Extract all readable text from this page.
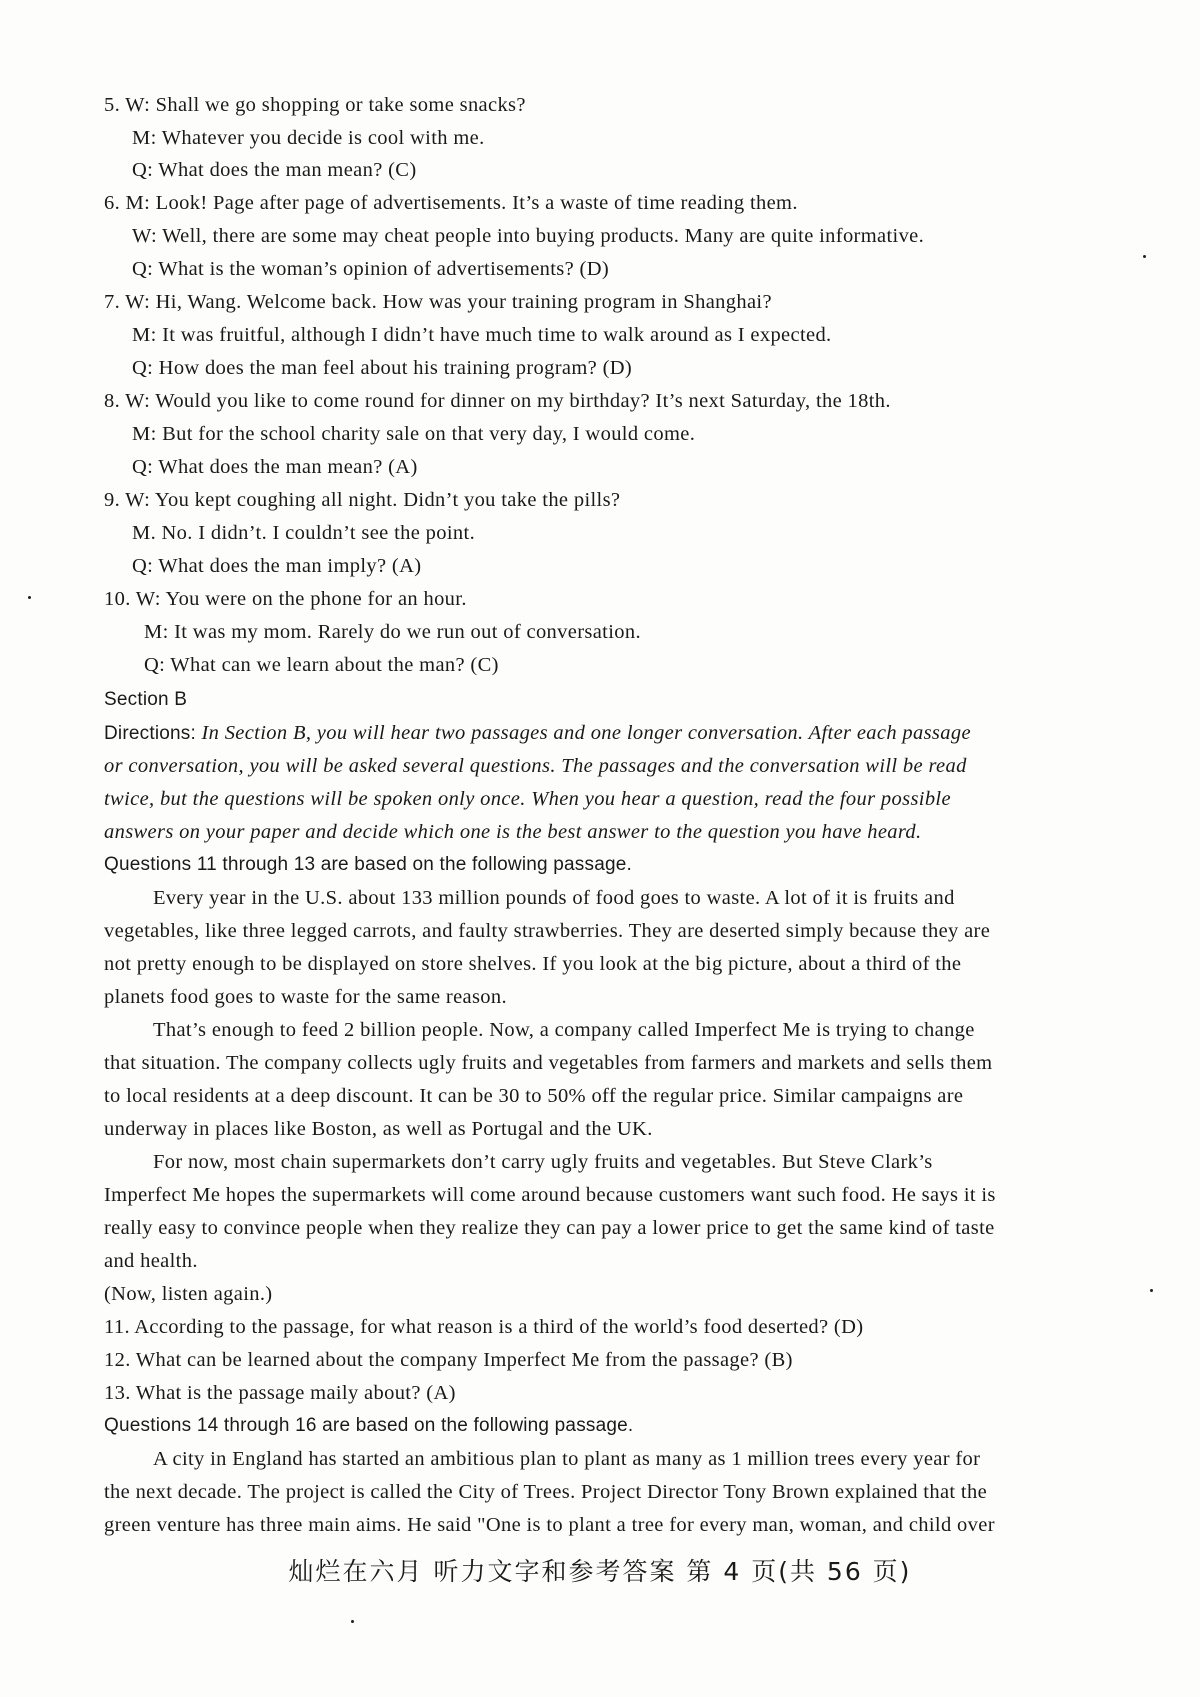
5. W: Shall we go shopping or take some snacks?
M: Whatever you decide is cool with me.
Q: What does the man mean? (C)
6. M: Look! Page after page of advertisements. It’s a waste of time reading them.
W: Well, there are some may cheat people into buying products. Many are quite informative.
Q: What is the woman’s opinion of advertisements? (D)
7. W: Hi, Wang. Welcome back. How was your training program in Shanghai?
M: It was fruitful, although I didn’t have much time to walk around as I expected.
Q: How does the man feel about his training program? (D)
8. W: Would you like to come round for dinner on my birthday? It’s next Saturday, the 18th.
M: But for the school charity sale on that very day, I would come.
Q: What does the man mean? (A)
9. W: You kept coughing all night. Didn’t you take the pills?
M. No. I didn’t. I couldn’t see the point.
Q: What does the man imply? (A)
10. W: You were on the phone for an hour.
M: It was my mom. Rarely do we run out of conversation.
Q: What can we learn about the man? (C)
Section B
Directions: In Section B, you will hear two passages and one longer conversation. After each passage
or conversation, you will be asked several questions. The passages and the conversation will be read
twice, but the questions will be spoken only once. When you hear a question, read the four possible
answers on your paper and decide which one is the best answer to the question you have heard.
Questions 11 through 13 are based on the following passage.
Every year in the U.S. about 133 million pounds of food goes to waste. A lot of it is fruits and
vegetables, like three legged carrots, and faulty strawberries. They are deserted simply because they are
not pretty enough to be displayed on store shelves. If you look at the big picture, about a third of the
planets food goes to waste for the same reason.
That’s enough to feed 2 billion people. Now, a company called Imperfect Me is trying to change
that situation. The company collects ugly fruits and vegetables from farmers and markets and sells them
to local residents at a deep discount. It can be 30 to 50% off the regular price. Similar campaigns are
underway in places like Boston, as well as Portugal and the UK.
For now, most chain supermarkets don’t carry ugly fruits and vegetables. But Steve Clark’s
Imperfect Me hopes the supermarkets will come around because customers want such food. He says it is
really easy to convince people when they realize they can pay a lower price to get the same kind of taste
and health.
(Now, listen again.)
11. According to the passage, for what reason is a third of the world’s food deserted? (D)
12. What can be learned about the company Imperfect Me from the passage? (B)
13. What is the passage maily about? (A)
Questions 14 through 16 are based on the following passage.
A city in England has started an ambitious plan to plant as many as 1 million trees every year for
the next decade. The project is called the City of Trees. Project Director Tony Brown explained that the
green venture has three main aims. He said "One is to plant a tree for every man, woman, and child over
灿烂在六月 听力文字和参考答案 第 4 页(共 56 页)
